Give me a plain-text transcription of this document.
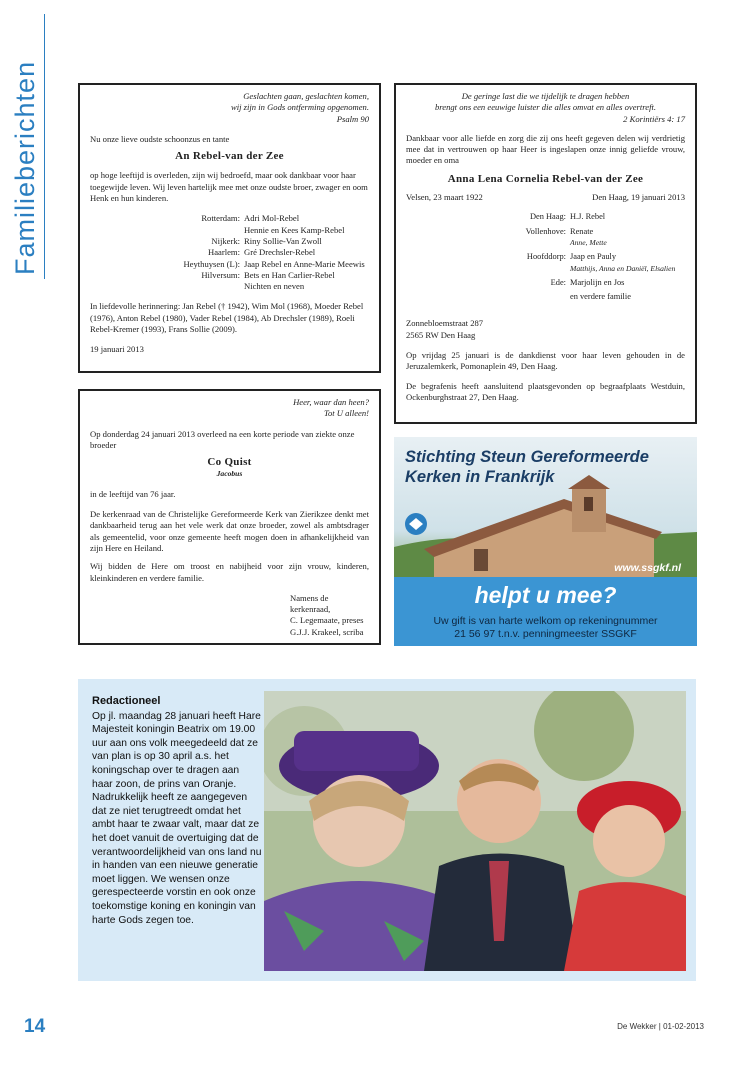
Familieberichten	Geslachten gaan, geslachten komen,

wij zijn in Gods ontferming opgenomen.

Psalm 90

Nu onze lieve oudste schoonzus en tante

An Rebel-van der Zee

op hoge leeftijd is overleden, zijn wij bedroefd, maar ook dankbaar voor haar toegewijde leven. Wij leven hartelijk mee met onze oudste broer, zwager en oom Henk en hun kinderen.

Rotterdam: Adri Mol-Rebel
Hennie en Kees Kamp-Rebel
Nijkerk: Riny Sollie-Van Zwoll
Haarlem: Gré Drechsler-Rebel
Heythuysen (L): Jaap Rebel en Anne-Marie Meewis
Hilversum: Bets en Han Carlier-Rebel
Nichten en neven

In liefdevolle herinnering: Jan Rebel († 1942), Wim Mol (1968), Moeder Rebel (1976), Anton Rebel (1980), Vader Rebel (1984), Ab Drechsler (1989), Roeli Rebel-Kremer (1993), Frans Sollie (2009).

19 januari 2013

De geringe last die we tijdelijk te dragen hebben

brengt ons een eeuwige luister die alles omvat en alles overtreft.

2 Korintiërs 4: 17

Dankbaar voor alle liefde en zorg die zij ons heeft gegeven delen wij verdrietig mee dat in vertrouwen op haar Heer is ingeslapen onze innig geliefde vrouw, moeder en oma

Anna Lena Cornelia Rebel-van der Zee

Velsen, 23 maart 1922	Den Haag, 19 januari 2013
Den Haag: H.J. Rebel
Vollenhove: Renate
Anne, Mette
Hoofddorp: Jaap en Pauly
Matthijs, Anna en Daniël, Elsalien
Ede: Marjolijn en Jos
en verdere familie

Zonnebloemstraat 287

2565 RW Den Haag

Op vrijdag 25 januari is de dankdienst voor haar leven gehouden in de Jeruzalemkerk, Pomonaplein 49, Den Haag.

De begrafenis heeft aansluitend plaatsgevonden op begraafplaats Westduin, Ockenburghstraat 27, Den Haag.

Heer, waar dan heen?

Tot U alleen!

Op donderdag 24 januari 2013 overleed na een korte periode van ziekte onze broeder

Co Quist

Jacobus

in de leeftijd van 76 jaar.

De kerkenraad van de Christelijke Gereformeerde Kerk van Zierikzee denkt met dankbaarheid terug aan het vele werk dat onze broeder, zowel als ambtsdrager als gemeentelid, voor onze gemeente heeft mogen doen in afhankelijkheid van zijn Here en Heiland.

Wij bidden de Here om troost en nabijheid voor zijn vrouw, kinderen, kleinkinderen en verdere familie.

Namens de kerkenraad,

C. Legemaate, preses

G.J.J. Krakeel, scriba

Stichting Steun Gereformeerde
Kerken in Frankrijk
www.ssgkf.nl
helpt u mee?
Uw gift is van harte welkom op rekeningnummer
21 56 97 t.n.v. penningmeester SSGKF
Redactioneel

Op jl. maandag 28 januari heeft Hare Majesteit koningin Beatrix om 19.00 uur aan ons volk meegedeeld dat ze van plan is op 30 april a.s. het koningschap over te dragen aan haar zoon, de prins van Oranje. Nadrukkelijk heeft ze aangegeven dat ze niet terugtreedt omdat het ambt haar te zwaar valt, maar dat ze het doet vanuit de overtuiging dat de verantwoordelijkheid van ons land nu in handen van een nieuwe generatie moet liggen. We wensen onze gerespecteerde vorstin en ook onze toekomstige koning en koningin van harte Gods zegen toe.

14	De Wekker | 01-02-2013
